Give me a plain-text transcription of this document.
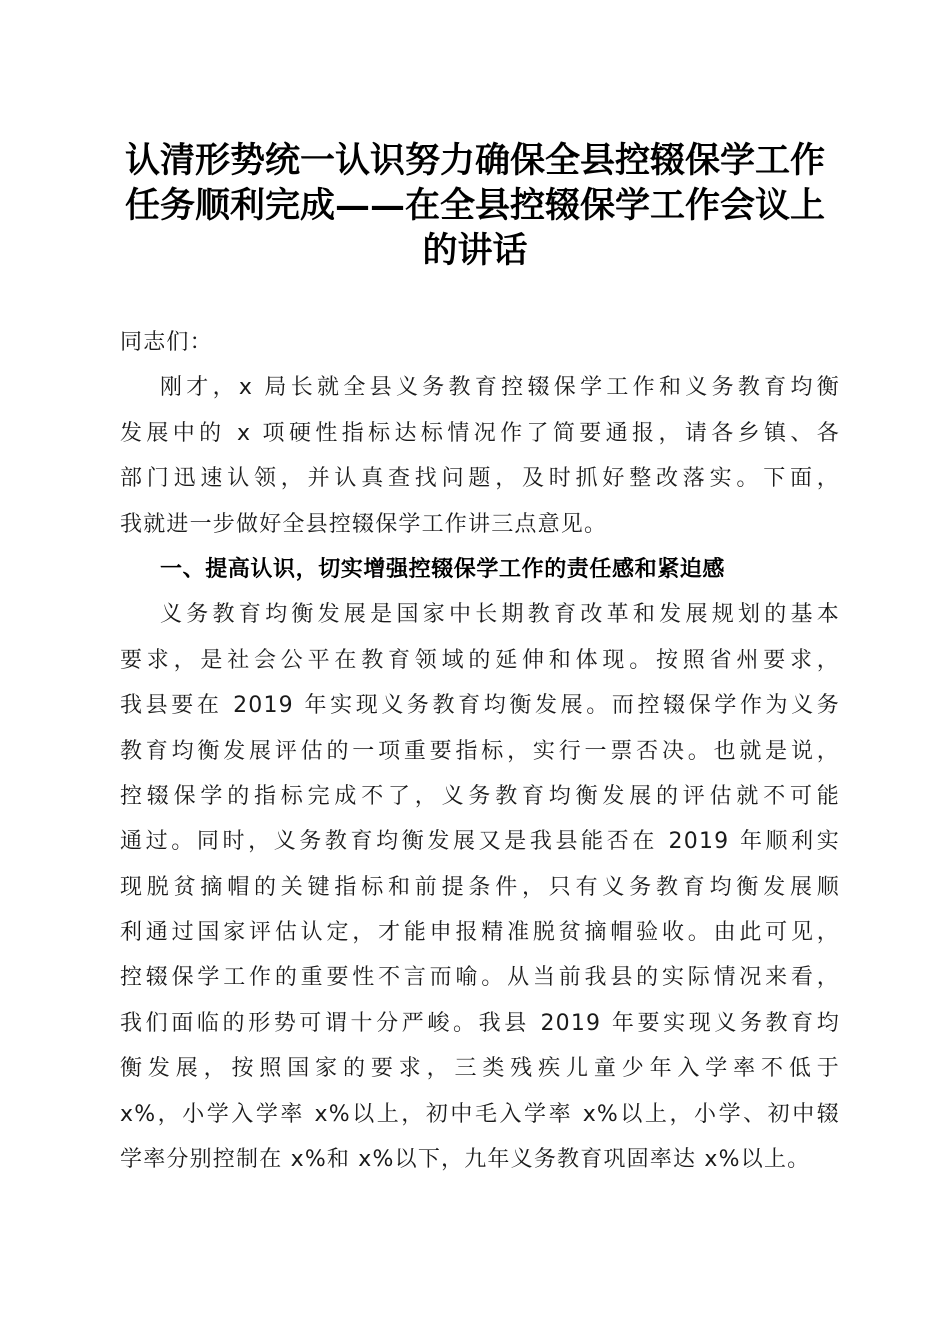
认清形势统一认识努力确保全县控辍保学工作
任务顺利完成——在全县控辍保学工作会议上
的讲话
同志们：
刚才，x 局长就全县义务教育控辍保学工作和义务教育均衡
发展中的 x 项硬性指标达标情况作了简要通报，请各乡镇、各
部门迅速认领，并认真查找问题，及时抓好整改落实。下面，
我就进一步做好全县控辍保学工作讲三点意见。
一、提高认识，切实增强控辍保学工作的责任感和紧迫感
义务教育均衡发展是国家中长期教育改革和发展规划的基本
要求，是社会公平在教育领域的延伸和体现。按照省州要求，
我县要在 2019 年实现义务教育均衡发展。而控辍保学作为义务
教育均衡发展评估的一项重要指标，实行一票否决。也就是说，
控辍保学的指标完成不了，义务教育均衡发展的评估就不可能
通过。同时，义务教育均衡发展又是我县能否在 2019 年顺利实
现脱贫摘帽的关键指标和前提条件，只有义务教育均衡发展顺
利通过国家评估认定，才能申报精准脱贫摘帽验收。由此可见，
控辍保学工作的重要性不言而喻。从当前我县的实际情况来看，
我们面临的形势可谓十分严峻。我县 2019 年要实现义务教育均
衡发展，按照国家的要求，三类残疾儿童少年入学率不低于
x%，小学入学率 x%以上，初中毛入学率 x%以上，小学、初中辍
学率分别控制在 x%和 x%以下，九年义务教育巩固率达 x%以上。
